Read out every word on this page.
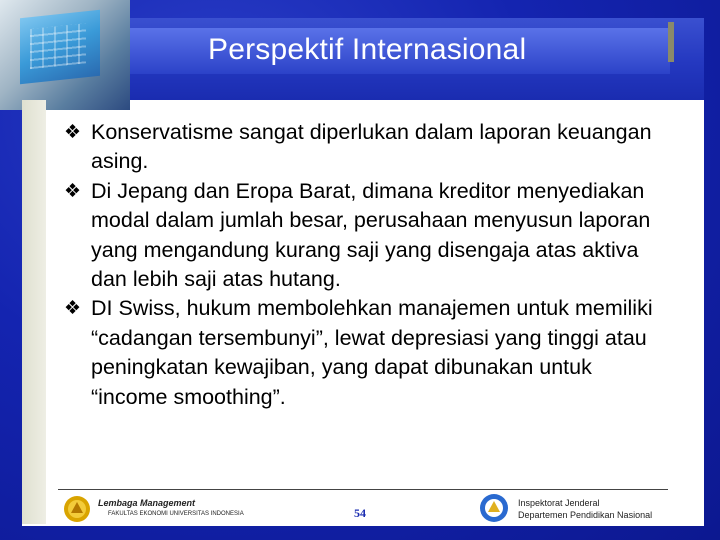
Perspektif Internasional
❖ Konservatisme sangat diperlukan dalam laporan keuangan asing.
❖ Di Jepang dan Eropa Barat, dimana kreditor menyediakan modal dalam jumlah besar, perusahaan menyusun laporan yang mengandung kurang saji yang disengaja atas aktiva dan lebih saji atas hutang.
❖ DI Swiss, hukum membolehkan manajemen untuk memiliki “cadangan tersembunyi”, lewat depresiasi yang tinggi atau peningkatan kewajiban, yang dapat dibunakan untuk “income smoothing”.
Lembaga Management
FAKULTAS EKONOMI UNIVERSITAS INDONESIA	54
Inspektorat Jenderal
Departemen Pendidikan Nasional
